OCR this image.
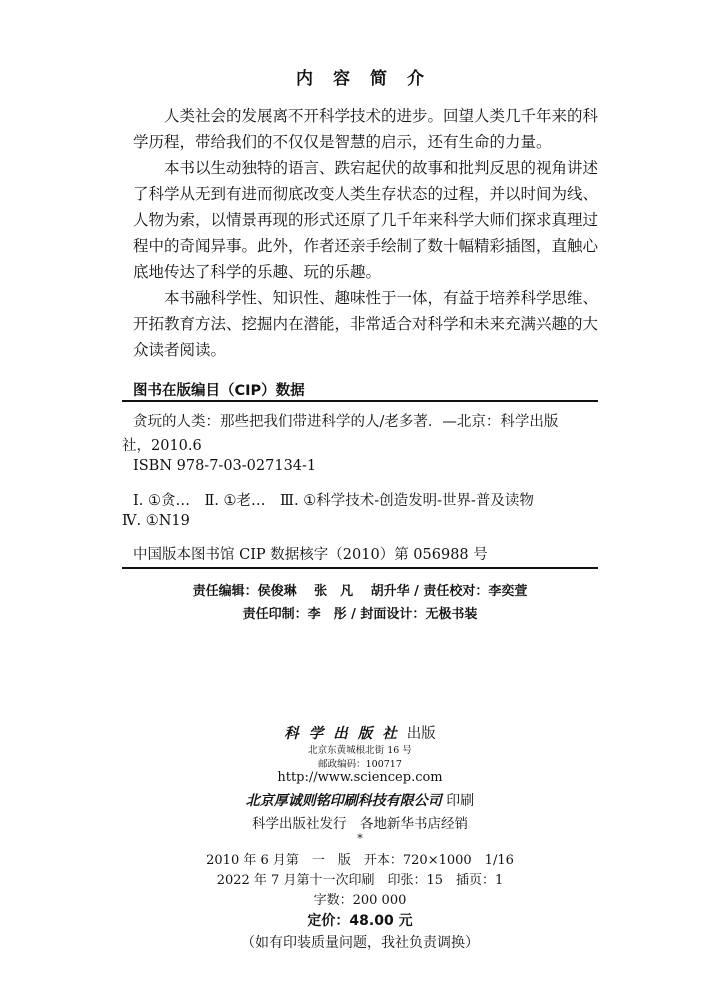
内容简介
人类社会的发展离不开科学技术的进步。回望人类几千年来的科
学历程，带给我们的不仅仅是智慧的启示，还有生命的力量。
本书以生动独特的语言、跌宕起伏的故事和批判反思的视角讲述
了科学从无到有进而彻底改变人类生存状态的过程，并以时间为线、
人物为索，以情景再现的形式还原了几千年来科学大师们探求真理过
程中的奇闻异事。此外，作者还亲手绘制了数十幅精彩插图，直触心
底地传达了科学的乐趣、玩的乐趣。
本书融科学性、知识性、趣味性于一体，有益于培养科学思维、
开拓教育方法、挖掘内在潜能，非常适合对科学和未来充满兴趣的大
众读者阅读。
图书在版编目（CIP）数据
贪玩的人类：那些把我们带进科学的人/老多著．—北京：科学出版
社，2010.6
ISBN 978-7-03-027134-1
Ⅰ. ①贪…　Ⅱ. ①老…　Ⅲ. ①科学技术-创造发明-世界-普及读物
Ⅳ. ①N19
中国版本图书馆 CIP 数据核字（2010）第 056988 号
责任编辑：侯俊琳　 张　凡　 胡升华 / 责任校对：李奕萱
责任印制：李　彤 / 封面设计：无极书装
科学出版社出版
北京东黄城根北街 16 号
邮政编码：100717
http://www.sciencep.com
北京厚诚则铭印刷科技有限公司 印刷
科学出版社发行　各地新华书店经销
*
2010 年 6 月第　一　版　开本：720×1000　1/16
2022 年 7 月第十一次印刷　印张：15　插页：1
字数：200 000
定价：48.00 元
（如有印装质量问题，我社负责调换）
